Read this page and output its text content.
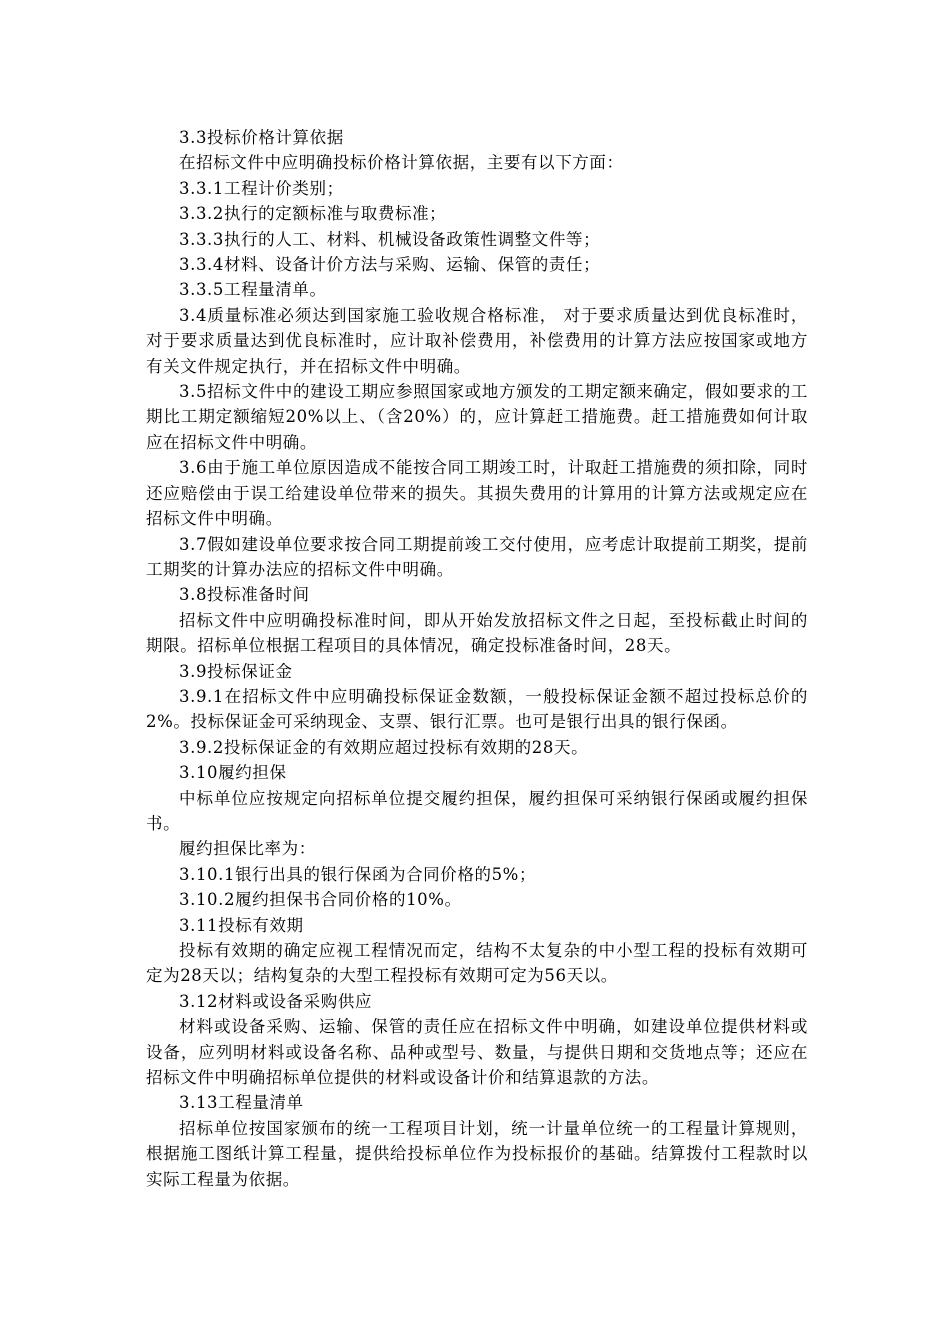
3.3投标价格计算依据

在招标文件中应明确投标价格计算依据，主要有以下方面：

3.3.1工程计价类别；

3.3.2执行的定额标准与取费标准；

3.3.3执行的人工、材料、机械设备政策性调整文件等；

3.3.4材料、设备计价方法与采购、运输、保管的责任；

3.3.5工程量清单。

3.4质量标准必须达到国家施工验收规合格标准， 对于要求质量达到优良标准时，对于要求质量达到优良标准时，应计取补偿费用，补偿费用的计算方法应按国家或地方有关文件规定执行，并在招标文件中明确。

3.5招标文件中的建设工期应参照国家或地方颁发的工期定额来确定，假如要求的工期比工期定额缩短20%以上、（含20%）的，应计算赶工措施费。赶工措施费如何计取应在招标文件中明确。

3.6由于施工单位原因造成不能按合同工期竣工时，计取赶工措施费的须扣除，同时还应赔偿由于误工给建设单位带来的损失。其损失费用的计算用的计算方法或规定应在招标文件中明确。

3.7假如建设单位要求按合同工期提前竣工交付使用，应考虑计取提前工期奖，提前工期奖的计算办法应的招标文件中明确。

3.8投标准备时间

招标文件中应明确投标准时间，即从开始发放招标文件之日起，至投标截止时间的期限。招标单位根据工程项目的具体情况，确定投标准备时间，28天。

3.9投标保证金

3.9.1在招标文件中应明确投标保证金数额，一般投标保证金额不超过投标总价的2%。投标保证金可采纳现金、支票、银行汇票。也可是银行出具的银行保函。

3.9.2投标保证金的有效期应超过投标有效期的28天。

3.10履约担保

中标单位应按规定向招标单位提交履约担保，履约担保可采纳银行保函或履约担保书。

履约担保比率为：

3.10.1银行出具的银行保函为合同价格的5%；

3.10.2履约担保书合同价格的10%。

3.11投标有效期

投标有效期的确定应视工程情况而定，结构不太复杂的中小型工程的投标有效期可定为28天以；结构复杂的大型工程投标有效期可定为56天以。

3.12材料或设备采购供应

材料或设备采购、运输、保管的责任应在招标文件中明确，如建设单位提供材料或设备，应列明材料或设备名称、品种或型号、数量，与提供日期和交货地点等；还应在招标文件中明确招标单位提供的材料或设备计价和结算退款的方法。

3.13工程量清单

招标单位按国家颁布的统一工程项目计划，统一计量单位统一的工程量计算规则，根据施工图纸计算工程量，提供给投标单位作为投标报价的基础。结算拨付工程款时以实际工程量为依据。
